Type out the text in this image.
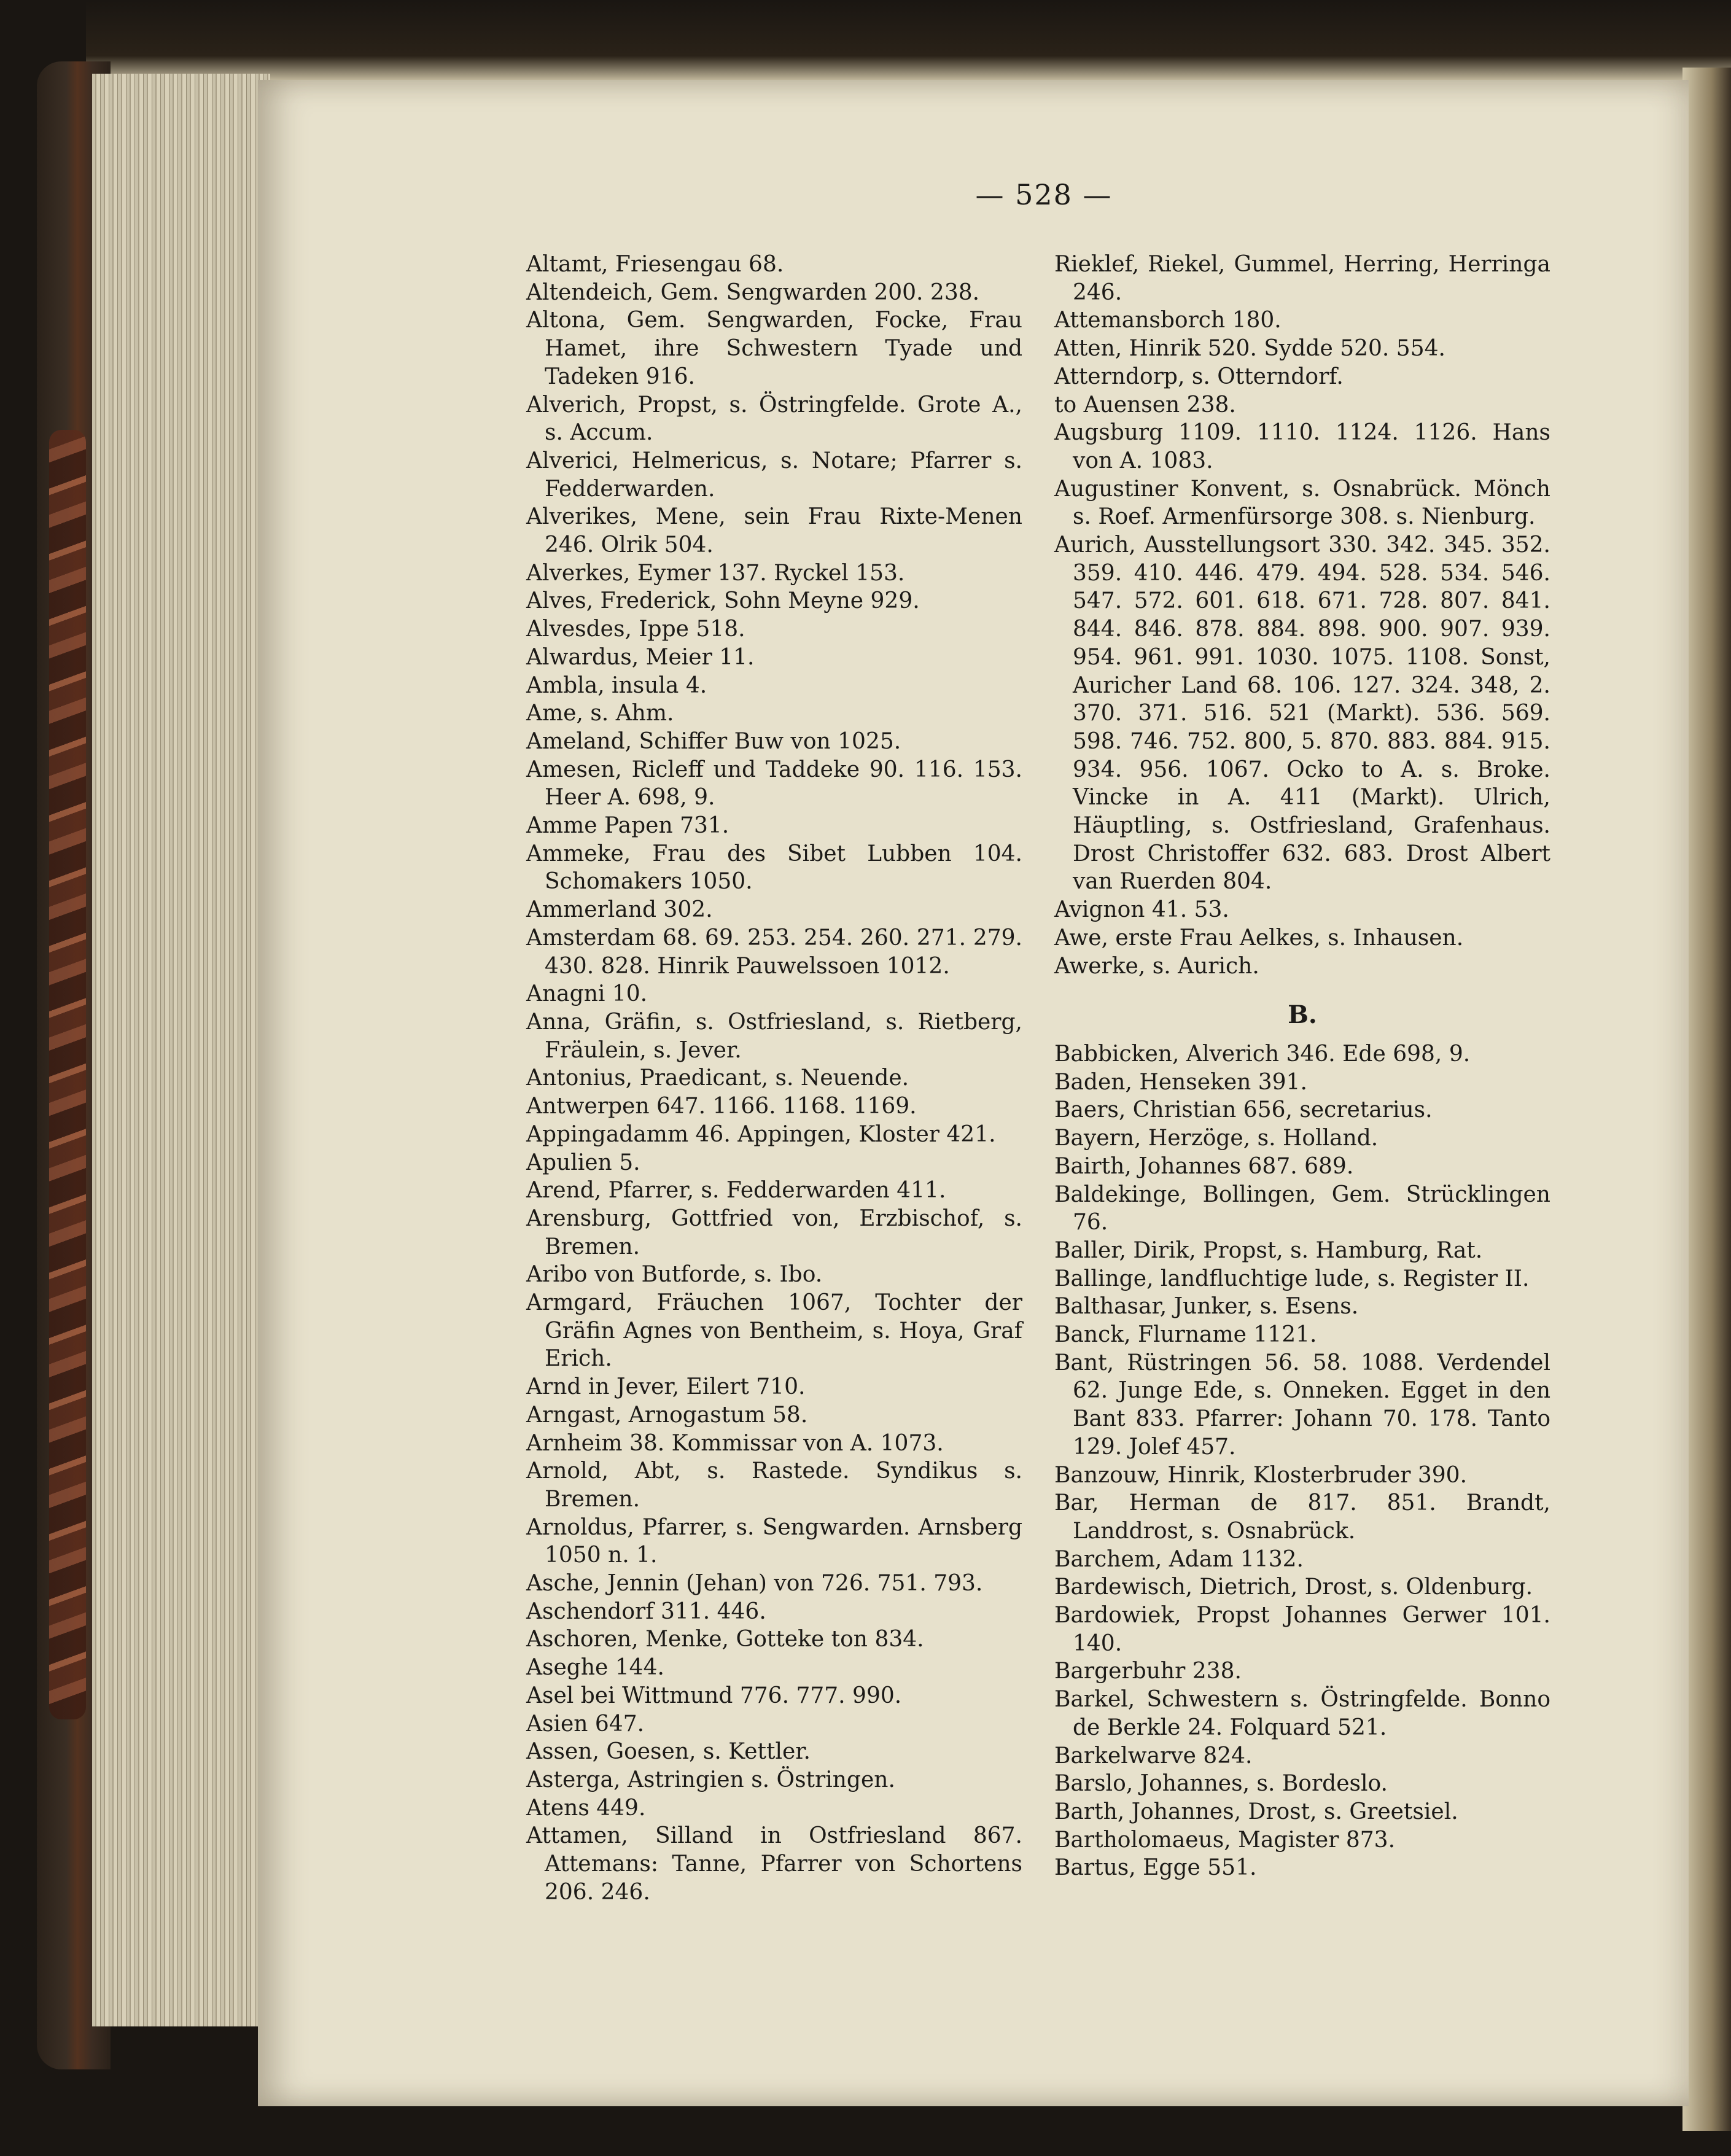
— 528 —

Altamt, Friesengau 68.

Altendeich, Gem. Sengwarden 200. 238.

Altona, Gem. Sengwarden, Focke, Frau Hamet, ihre Schwestern Tyade und Tadeken 916.

Alverich, Propst, s. Östringfelde. Grote A., s. Accum.

Alverici, Helmericus, s. Notare; Pfarrer s. Fedderwarden.

Alverikes, Mene, sein Frau Rixte-Menen 246. Olrik 504.

Alverkes, Eymer 137. Ryckel 153.

Alves, Frederick, Sohn Meyne 929.

Alvesdes, Ippe 518.

Alwardus, Meier 11.

Ambla, insula 4.

Ame, s. Ahm.

Ameland, Schiffer Buw von 1025.

Amesen, Ricleff und Taddeke 90. 116. 153. Heer A. 698, 9.

Amme Papen 731.

Ammeke, Frau des Sibet Lubben 104. Schomakers 1050.

Ammerland 302.

Amsterdam 68. 69. 253. 254. 260. 271. 279. 430. 828. Hinrik Pauwelssoen 1012.

Anagni 10.

Anna, Gräfin, s. Ostfriesland, s. Rietberg, Fräulein, s. Jever.

Antonius, Praedicant, s. Neuende.

Antwerpen 647. 1166. 1168. 1169.

Appingadamm 46. Appingen, Kloster 421.

Apulien 5.

Arend, Pfarrer, s. Fedderwarden 411.

Arensburg, Gottfried von, Erzbischof, s. Bremen.

Aribo von Butforde, s. Ibo.

Armgard, Fräuchen 1067, Tochter der Gräfin Agnes von Bentheim, s. Hoya, Graf Erich.

Arnd in Jever, Eilert 710.

Arngast, Arnogastum 58.

Arnheim 38. Kommissar von A. 1073.

Arnold, Abt, s. Rastede. Syndikus s. Bremen.

Arnoldus, Pfarrer, s. Sengwarden. Arnsberg 1050 n. 1.

Asche, Jennin (Jehan) von 726. 751. 793.

Aschendorf 311. 446.

Aschoren, Menke, Gotteke ton 834.

Aseghe 144.

Asel bei Wittmund 776. 777. 990.

Asien 647.

Assen, Goesen, s. Kettler.

Asterga, Astringien s. Östringen.

Atens 449.

Attamen, Silland in Ostfriesland 867. Attemans: Tanne, Pfarrer von Schortens 206. 246.

Rieklef, Riekel, Gummel, Herring, Herringa 246.

Attemansborch 180.

Atten, Hinrik 520. Sydde 520. 554.

Atterndorp, s. Otterndorf.

to Auensen 238.

Augsburg 1109. 1110. 1124. 1126. Hans von A. 1083.

Augustiner Konvent, s. Osnabrück. Mönch s. Roef. Armenfürsorge 308. s. Nienburg.

Aurich, Ausstellungsort 330. 342. 345. 352. 359. 410. 446. 479. 494. 528. 534. 546. 547. 572. 601. 618. 671. 728. 807. 841. 844. 846. 878. 884. 898. 900. 907. 939. 954. 961. 991. 1030. 1075. 1108. Sonst, Auricher Land 68. 106. 127. 324. 348, 2. 370. 371. 516. 521 (Markt). 536. 569. 598. 746. 752. 800, 5. 870. 883. 884. 915. 934. 956. 1067. Ocko to A. s. Broke. Vincke in A. 411 (Markt). Ulrich, Häuptling, s. Ostfriesland, Grafenhaus. Drost Christoffer 632. 683. Drost Albert van Ruerden 804.

Avignon 41. 53.

Awe, erste Frau Aelkes, s. Inhausen.

Awerke, s. Aurich.

B.

Babbicken, Alverich 346. Ede 698, 9.

Baden, Henseken 391.

Baers, Christian 656, secretarius.

Bayern, Herzöge, s. Holland.

Bairth, Johannes 687. 689.

Baldekinge, Bollingen, Gem. Strücklingen 76.

Baller, Dirik, Propst, s. Hamburg, Rat.

Ballinge, landfluchtige lude, s. Register II.

Balthasar, Junker, s. Esens.

Banck, Flurname 1121.

Bant, Rüstringen 56. 58. 1088. Verdendel 62. Junge Ede, s. Onneken. Egget in den Bant 833. Pfarrer: Johann 70. 178. Tanto 129. Jolef 457.

Banzouw, Hinrik, Klosterbruder 390.

Bar, Herman de 817. 851. Brandt, Landdrost, s. Osnabrück.

Barchem, Adam 1132.

Bardewisch, Dietrich, Drost, s. Oldenburg.

Bardowiek, Propst Johannes Gerwer 101. 140.

Bargerbuhr 238.

Barkel, Schwestern s. Östringfelde. Bonno de Berkle 24. Folquard 521.

Barkelwarve 824.

Barslo, Johannes, s. Bordeslo.

Barth, Johannes, Drost, s. Greetsiel.

Bartholomaeus, Magister 873.

Bartus, Egge 551.
